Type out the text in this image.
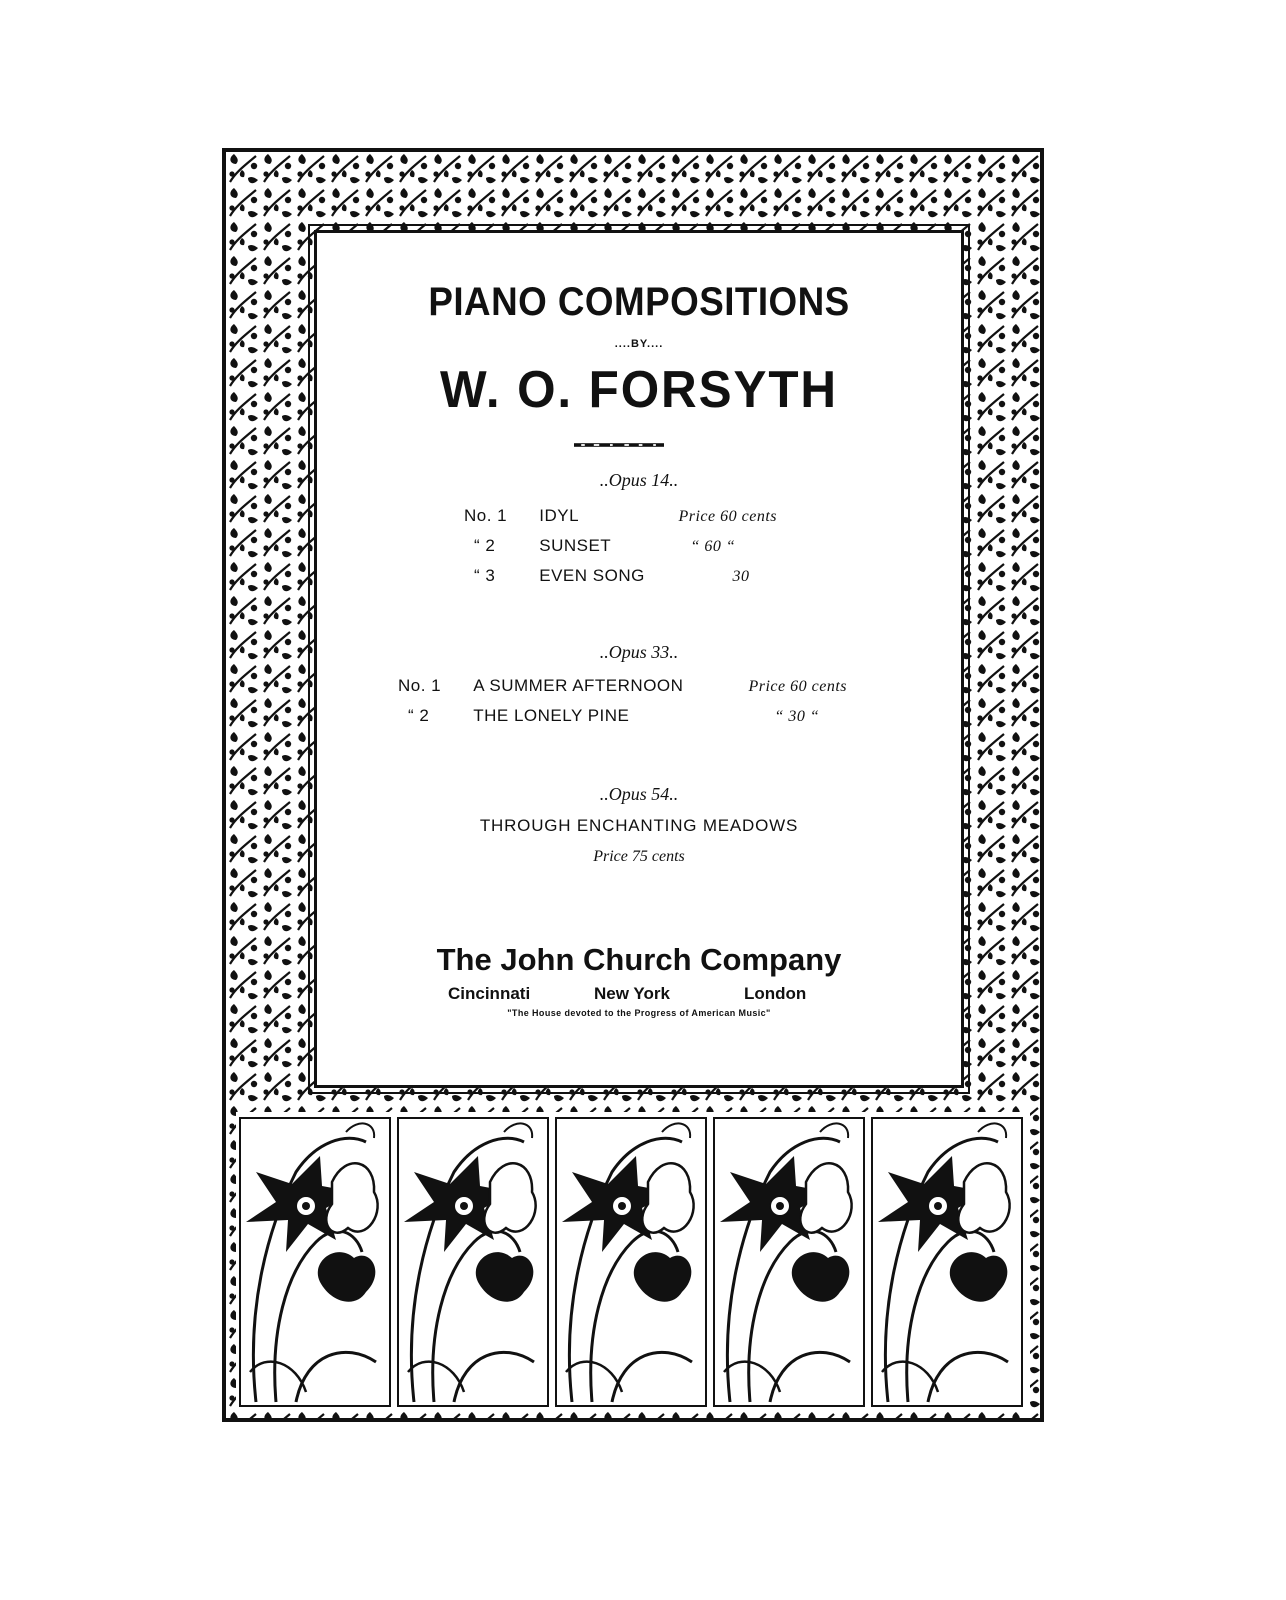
PIANO COMPOSITIONS
....BY....
W. O. FORSYTH
..Opus 14..
No. 1 IDYL	Price 60 cents
“ 2	SUNSET	“ 60 “
“ 3	EVEN SONG	30
..Opus 33..
No. 1 A SUMMER AFTERNOON	Price 60 cents
“ 2	THE LONELY PINE	“ 30 “
..Opus 54..
THROUGH ENCHANTING MEADOWS
Price 75 cents
The John Church Company
Cincinnati	New York	London
"The House devoted to the Progress of American Music"
